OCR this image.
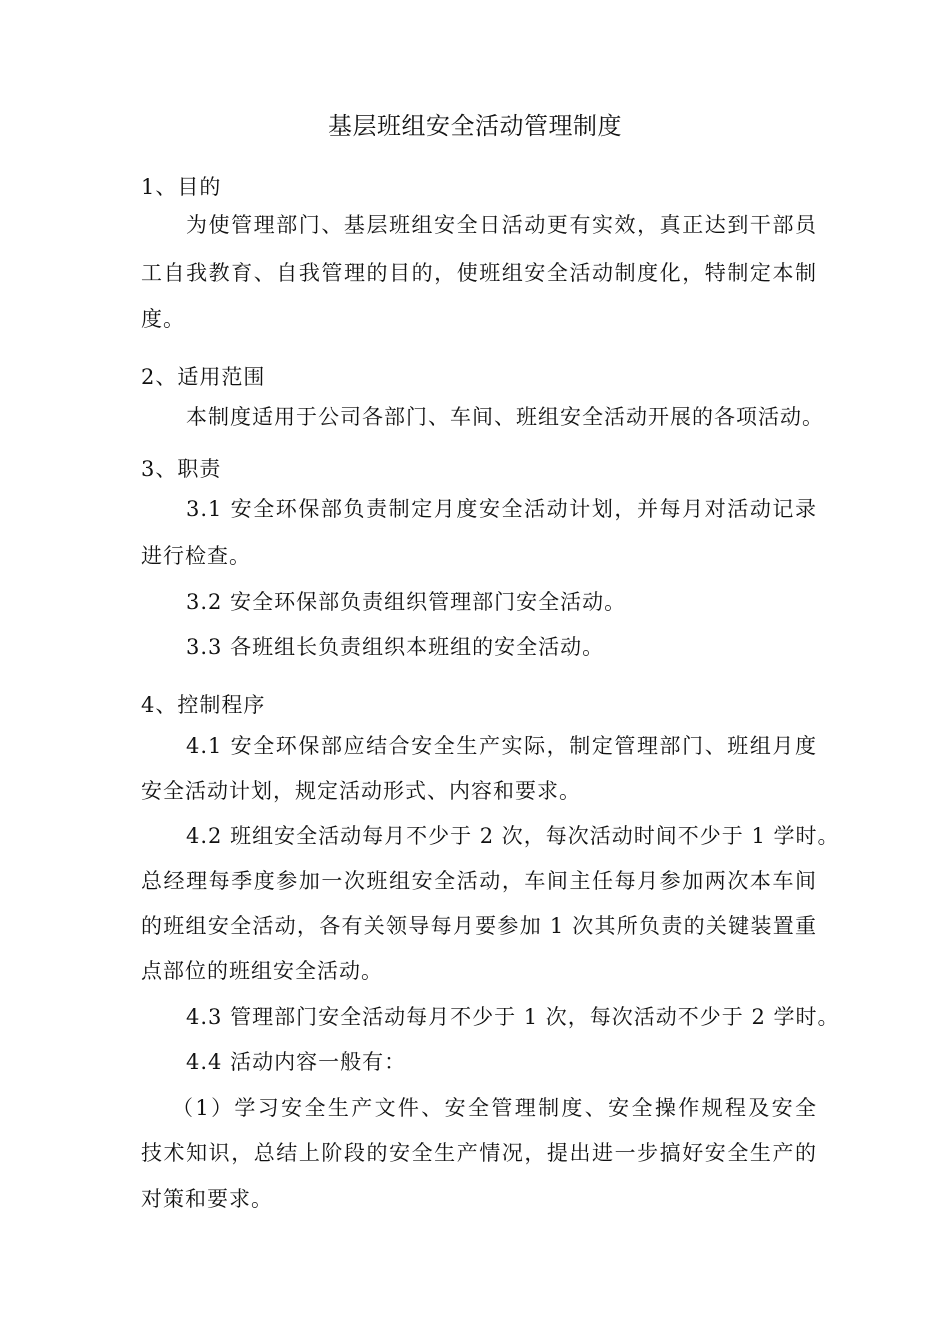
基层班组安全活动管理制度
1、目的
为使管理部门、基层班组安全日活动更有实效，真正达到干部员
工自我教育、自我管理的目的，使班组安全活动制度化，特制定本制
度。
2、适用范围
本制度适用于公司各部门、车间、班组安全活动开展的各项活动。
3、职责
3.1 安全环保部负责制定月度安全活动计划，并每月对活动记录
进行检查。
3.2 安全环保部负责组织管理部门安全活动。
3.3 各班组长负责组织本班组的安全活动。
4、控制程序
4.1 安全环保部应结合安全生产实际，制定管理部门、班组月度
安全活动计划，规定活动形式、内容和要求。
4.2 班组安全活动每月不少于 2 次，每次活动时间不少于 1 学时。
总经理每季度参加一次班组安全活动，车间主任每月参加两次本车间
的班组安全活动，各有关领导每月要参加 1 次其所负责的关键装置重
点部位的班组安全活动。
4.3 管理部门安全活动每月不少于 1 次，每次活动不少于 2 学时。
4.4 活动内容一般有：
（1）学习安全生产文件、安全管理制度、安全操作规程及安全
技术知识，总结上阶段的安全生产情况，提出进一步搞好安全生产的
对策和要求。
